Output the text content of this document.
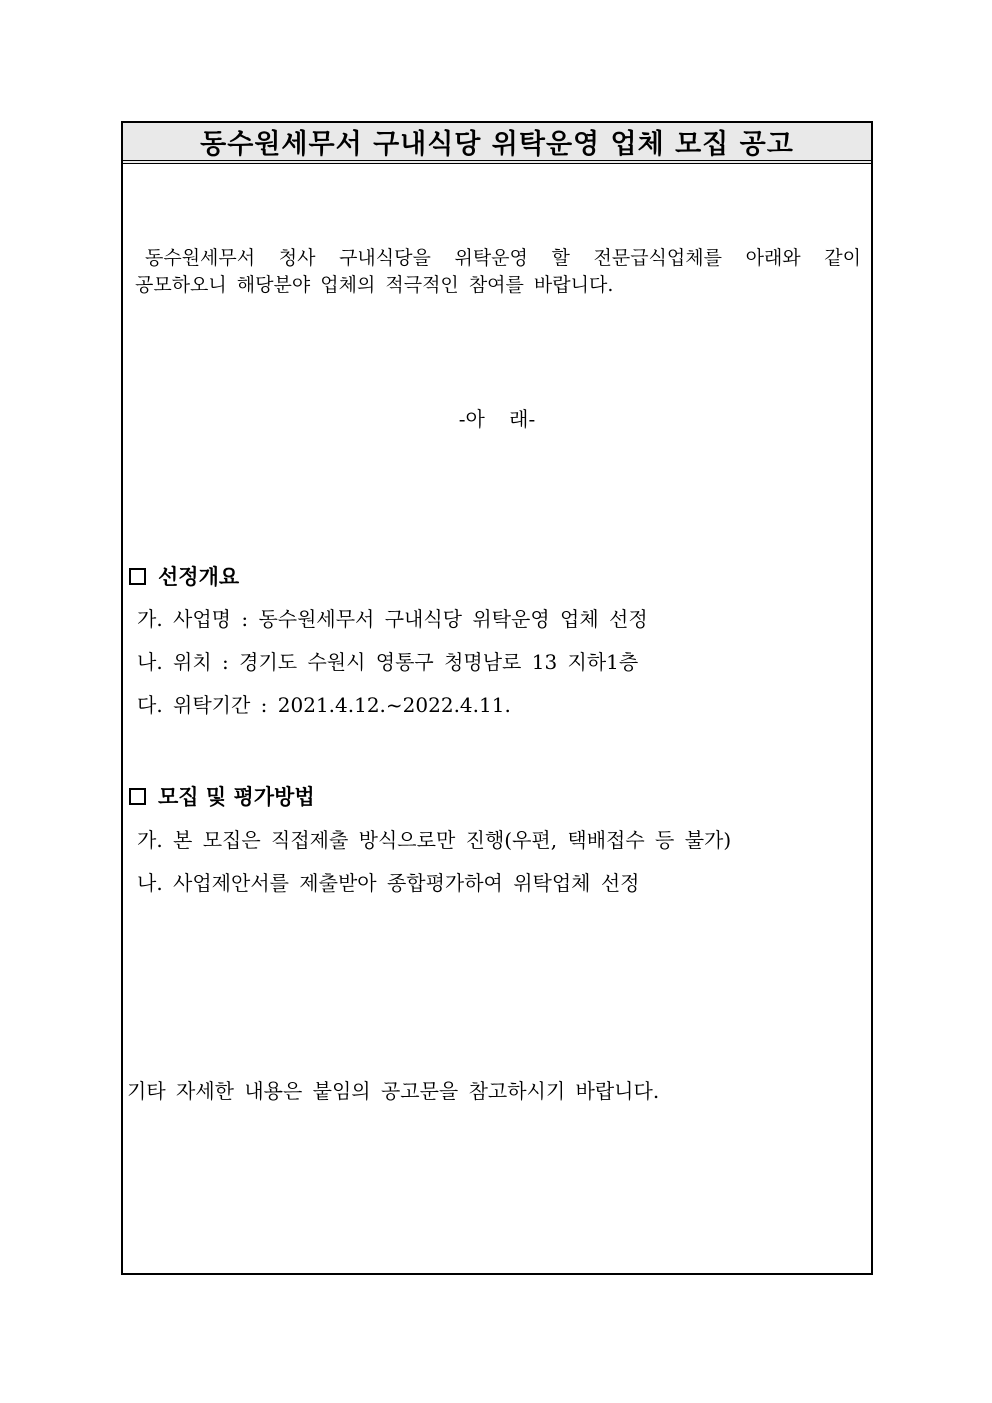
동수원세무서 구내식당 위탁운영 업체 모집 공고
동수원세무서 청사 구내식당을 위탁운영 할 전문급식업체를 아래와 같이
공모하오니 해당분야 업체의 적극적인 참여를 바랍니다.
-아 래-
선정개요
가. 사업명 : 동수원세무서 구내식당 위탁운영 업체 선정
나. 위치 : 경기도 수원시 영통구 청명남로 13 지하1층
다. 위탁기간 : 2021.4.12.~2022.4.11.
모집 및 평가방법
가. 본 모집은 직접제출 방식으로만 진행(우편, 택배접수 등 불가)
나. 사업제안서를 제출받아 종합평가하여 위탁업체 선정
기타 자세한 내용은 붙임의 공고문을 참고하시기 바랍니다.
